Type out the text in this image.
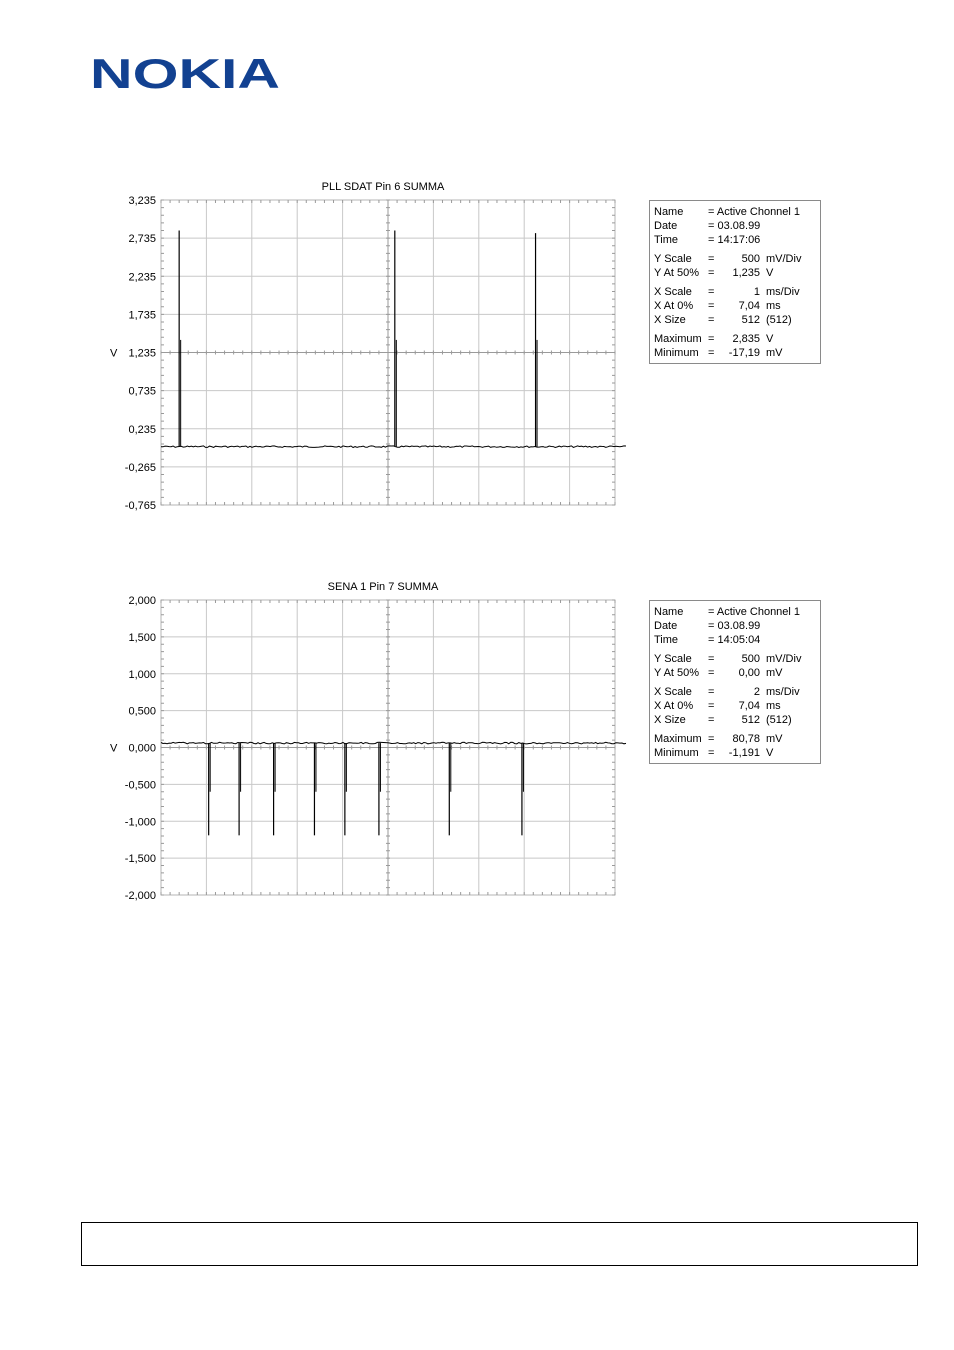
NOKIA
PLL SDAT Pin 6 SUMMA
3,235
2,735
2,235
1,735
1,235
0,735
0,235
-0,265
-0,765
V
SENA 1 Pin 7 SUMMA
2,000
1,500
1,000
0,500
0,000
-0,500
-1,000
-1,500
-2,000
V
Name = Active Chonnel 1
Date	= 03.08.99
Time	= 14:17:06
Y Scale = 500 mV/Div
Y At 50% = 1,235 V
X Scale =	1 ms/Div
X At 0% = 7,04 ms
X Size = 512 (512)
Maximum = 2,835 V
Minimum = -17,19 mV
Name = Active Chonnel 1
Date	= 03.08.99
Time	= 14:05:04
Y Scale = 500 mV/Div
Y At 50% = 0,00 mV
X Scale =	2 ms/Div
X At 0% = 7,04 ms
X Size = 512 (512)
Maximum = 80,78 mV
Minimum = -1,191 V
